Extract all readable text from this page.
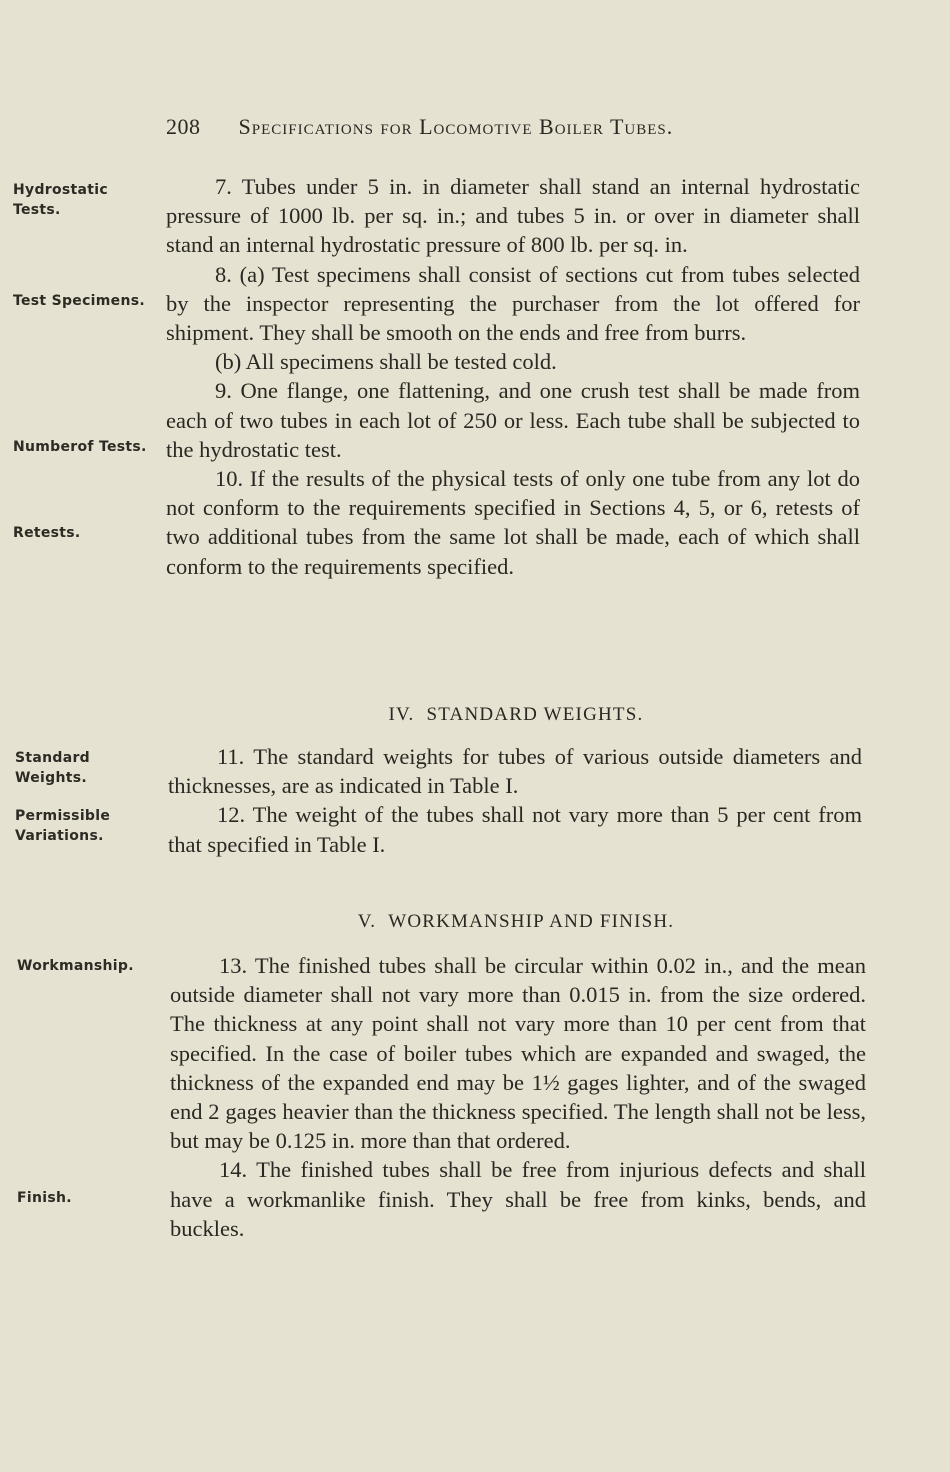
208 Specifications for Locomotive Boiler Tubes.
Hydrostatic
Tests.
Test Specimens.
Numberof Tests.
Retests.
Standard
Weights.
Permissible
Variations.
Workmanship.
Finish.

7. Tubes under 5 in. in diameter shall stand an internal hydrostatic pressure of 1000 lb. per sq. in.; and tubes 5 in. or over in diameter shall stand an internal hydrostatic pressure of 800 lb. per sq. in.

8. (a) Test specimens shall consist of sections cut from tubes selected by the inspector representing the purchaser from the lot offered for shipment. They shall be smooth on the ends and free from burrs.

(b) All specimens shall be tested cold.

9. One flange, one flattening, and one crush test shall be made from each of two tubes in each lot of 250 or less. Each tube shall be subjected to the hydrostatic test.

10. If the results of the physical tests of only one tube from any lot do not conform to the requirements specified in Sections 4, 5, or 6, retests of two additional tubes from the same lot shall be made, each of which shall conform to the requirements specified.

IV. STANDARD WEIGHTS.

11. The standard weights for tubes of various outside diameters and thicknesses, are as indicated in Table I.

12. The weight of the tubes shall not vary more than 5 per cent from that specified in Table I.

V. WORKMANSHIP AND FINISH.

13. The finished tubes shall be circular within 0.02 in., and the mean outside diameter shall not vary more than 0.015 in. from the size ordered. The thickness at any point shall not vary more than 10 per cent from that specified. In the case of boiler tubes which are expanded and swaged, the thickness of the expanded end may be 1½ gages lighter, and of the swaged end 2 gages heavier than the thickness specified. The length shall not be less, but may be 0.125 in. more than that ordered.

14. The finished tubes shall be free from injurious defects and shall have a workmanlike finish. They shall be free from kinks, bends, and buckles.
